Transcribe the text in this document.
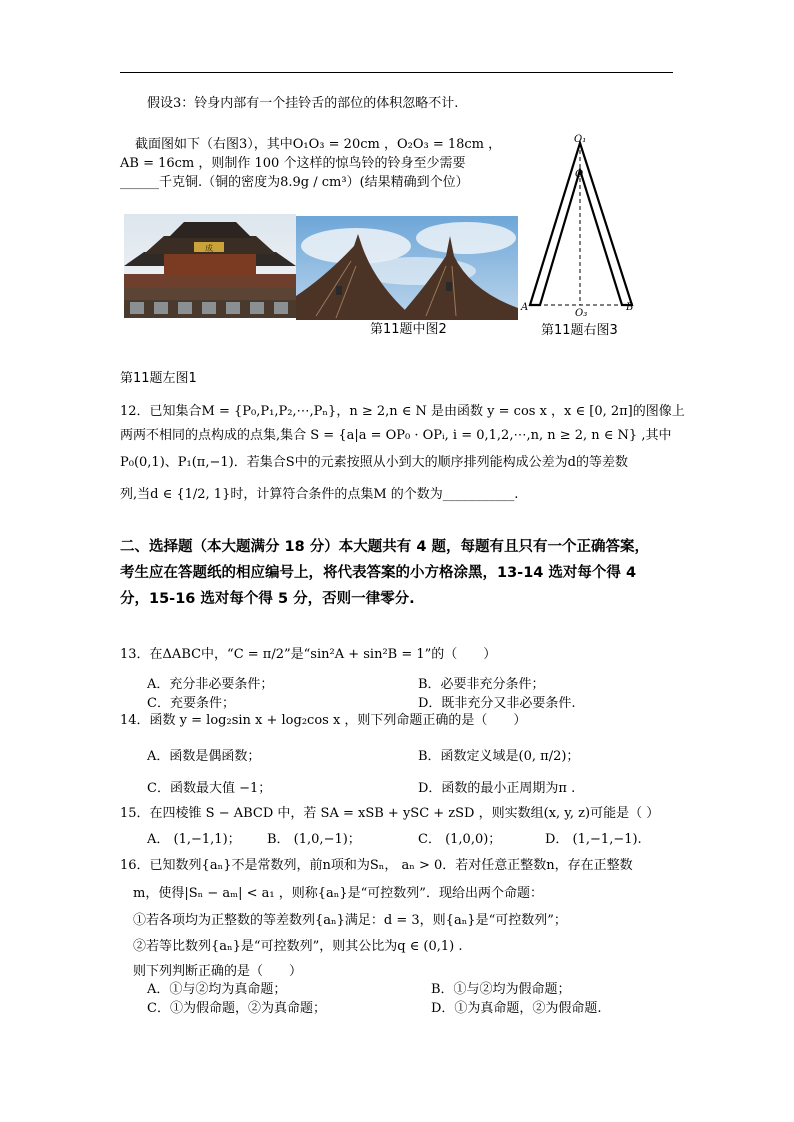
假设3：铃身内部有一个挂铃舌的部位的体积忽略不计.
截面图如下（右图3），其中O₁O₃ = 20cm ，O₂O₃ = 18cm ，
AB = 16cm ，则制作 100 个这样的惊鸟铃的铃身至少需要
______千克铜.（铜的密度为8.9g / cm³）(结果精确到个位）
成
O₁
O
A	B
O₃
第11题中图2	第11题右图3
第11题左图1
12．已知集合M = {P₀,P₁,P₂,⋯,Pₙ}，n ≥ 2,n ∈ N 是由函数 y = cos x ，x ∈ [0, 2π]的图像上
两两不相同的点构成的点集,集合 S = {a|a = OP₀ · OPᵢ, i = 0,1,2,⋯,n, n ≥ 2, n ∈ N} ,其中
P₀(0,1)、P₁(π,−1)．若集合S中的元素按照从小到大的顺序排列能构成公差为d的等差数
列,当d ∈ {1/2, 1}时，计算符合条件的点集M 的个数为___________.
二、选择题（本大题满分 18 分）本大题共有 4 题，每题有且只有一个正确答案，
考生应在答题纸的相应编号上，将代表答案的小方格涂黑，13-14 选对每个得 4
分，15-16 选对每个得 5 分，否则一律零分.
13．在ΔABC中，“C = π/2”是“sin²A + sin²B = 1”的（　　）
A．充分非必要条件；	B．必要非充分条件；
C．充要条件；	D．既非充分又非必要条件.
14．函数 y = log₂sin x + log₂cos x ，则下列命题正确的是（　　）
A．函数是偶函数；	B．函数定义域是(0, π/2)；
C．函数最大值 −1；	D．函数的最小正周期为π .
15．在四棱锥 S − ABCD 中，若 SA = xSB + ySC + zSD ，则实数组(x, y, z)可能是（ ）
A． (1,−1,1)； B． (1,0,−1)；	C． (1,0,0)；	D． (1,−1,−1).
16．已知数列{aₙ}不是常数列，前n项和为Sₙ， aₙ > 0．若对任意正整数n，存在正整数
m，使得|Sₙ − aₘ| < a₁ ，则称{aₙ}是“可控数列”．现给出两个命题：
①若各项均为正整数的等差数列{aₙ}满足：d = 3，则{aₙ}是“可控数列”；
②若等比数列{aₙ}是“可控数列”，则其公比为q ∈ (0,1) .
则下列判断正确的是（　　）
A．①与②均为真命题；	B．①与②均为假命题；
C．①为假命题，②为真命题；	D．①为真命题，②为假命题.
